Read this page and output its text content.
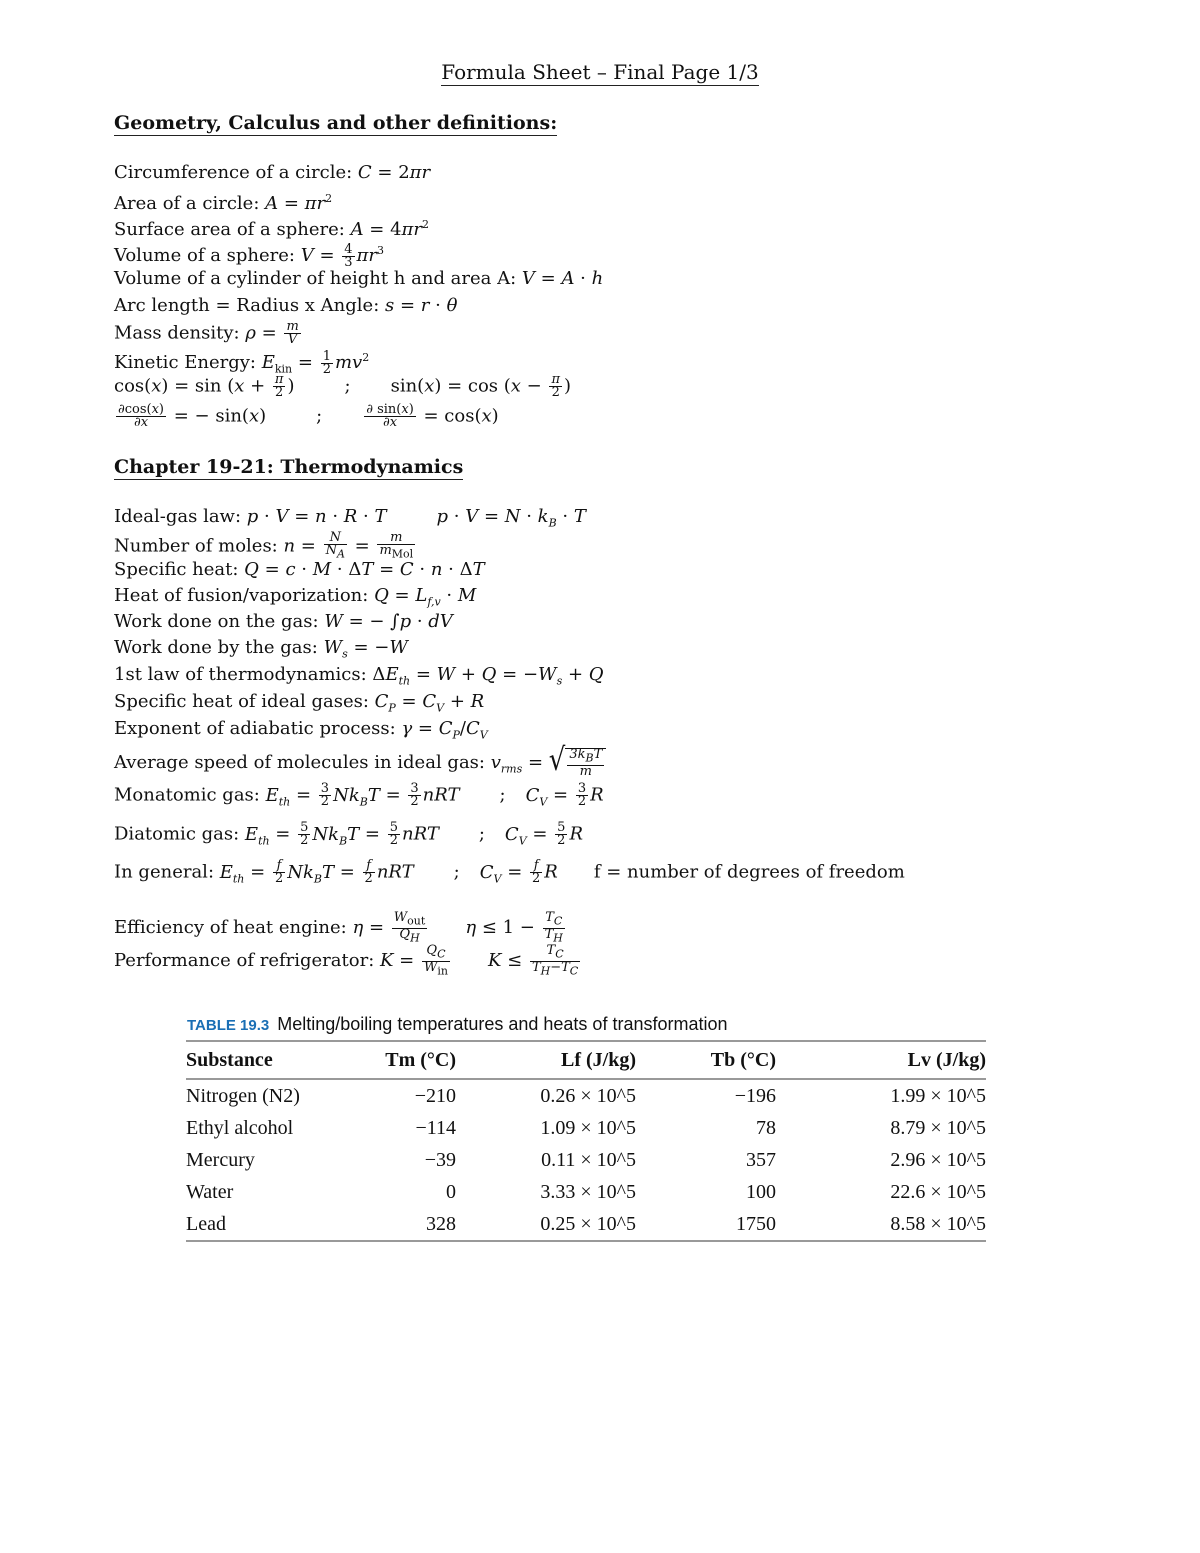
Formula Sheet – Final Page 1/3
Geometry, Calculus and other definitions:
Circumference of a circle: C = 2πr
Area of a circle: $A = \pi r^2$
Surface area of a sphere: $A = 4\pi r^2$
Volume of a sphere: $V = \frac{4}{3} \pi r^3$
Volume of a cylinder of height h and area A: V = A · h
Arc length = Radius x Angle: s = r · θ
Mass density: $\rho = \frac{m}{V}$
Kinetic Energy: $E_{kin} = \frac{1}{2} mv^2$
$\cos(x) = \sin (x + \frac{\pi}{2}$ )	; $\sin(x) = \cos (x - \frac{\pi}{2}$ )
$\frac{\partial\cos(x)}{\partial x}$ = − sin(x)	;	$\frac{\partial \sin(x)}{\partial x} = \cos(x)$
Chapter 19-21: Thermodynamics
Ideal-gas law: p · V = n · R · T	$p \cdot V = N \cdot k_B \cdot T$
Number of moles: $n = \frac{N}{N_A} = \frac{m}{m_{Mol}}$
Specific heat: Q = c · M · ΔT = C · n · ΔT
Heat of fusion/vaporization: $Q = L_{f,v} \cdot M$
Work done on the gas: W = − ∫p · dV
Work done by the gas: $W_s = -W$
1st law of thermodynamics: $\Delta E_{th} = W + Q = -W_s + Q$
Specific heat of ideal gases: $C_P = C_V + R$
Exponent of adiabatic process: $\gamma = C_P/C_V$
Average speed of molecules in ideal gas: $v_{rms}$ = √ $\frac{3k_BT}{m}$
Monatomic gas: $E_{th} = \frac{3}{2} Nk_BT = \frac{3}{2}$ nRT ; $C_V = \frac{3}{2}$ R
Diatomic gas: $E_{th} = \frac{5}{2} Nk_BT = \frac{5}{2}$ nRT ; $C_V = \frac{5}{2}$ R
In general: $E_{th} = \frac{f}{2} Nk_BT = \frac{f}{2}$ nRT ; $C_V = \frac{f}{2}$ R f = number of degrees of freedom
Efficiency of heat engine: $\eta = \frac{W_{out}}{Q_H}$ $\eta \le 1 - \frac{T_C}{T_H}$
Performance of refrigerator: $K = \frac{Q_C}{W_{in}}$ $K \le \frac{T_C}{T_H-T_C}$
TABLE 19.3 Melting/boiling temperatures and heats of transformation
Substance	Tm (°C)	Lf (J/kg)	Tb (°C)	Lv (J/kg)
Nitrogen (N2)	−210	0.26 × 10^5	−196	1.99 × 10^5
Ethyl alcohol	−114	1.09 × 10^5	78	8.79 × 10^5
Mercury	−39	0.11 × 10^5	357	2.96 × 10^5
Water	0	3.33 × 10^5	100	22.6 × 10^5
Lead	328	0.25 × 10^5	1750	8.58 × 10^5
